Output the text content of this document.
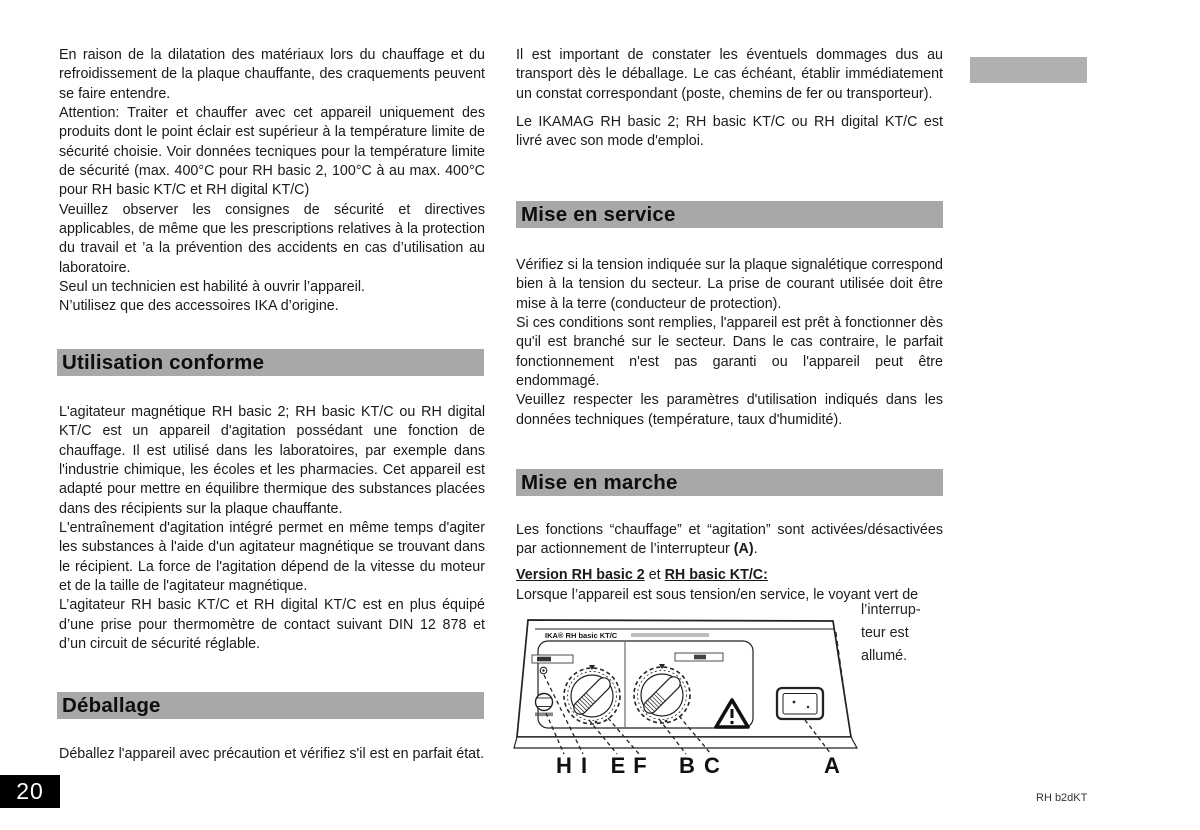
En raison de la dilatation des matériaux lors du chauffage et du refroidissement de la plaque chauffante, des craquements peuvent se faire entendre.

Attention: Traiter et chauffer avec cet appareil uniquement des produits dont le point éclair est supérieur à la température limite de sécurité choisie. Voir données tecniques pour la température limite de sécurité (max. 400°C pour RH basic 2, 100°C à au max. 400°C pour RH basic KT/C et RH digital KT/C)

Veuillez observer les consignes de sécurité et directives applicables, de même que les prescriptions relatives à la protection du travail et ’a la prévention des accidents en cas d’utilisation au laboratoire.

Seul un technicien est habilité à ouvrir l’appareil.

N’utilisez que des accessoires IKA d’origine.

Utilisation conforme

L'agitateur magnétique RH basic 2; RH basic KT/C ou RH digital KT/C est un appareil d'agitation possédant une fonction de chauffage. Il est utilisé dans les laboratoires, par exemple dans l'industrie chimique, les écoles et les pharmacies. Cet appareil est adapté pour mettre en équilibre thermique des substances placées dans des récipients sur la plaque chauffante.

L'entraînement d'agitation intégré permet en même temps d'agiter les substances à l'aide d'un agitateur magnétique se trouvant dans le récipient. La force de l'agitation dépend de la vitesse du moteur et de la taille de l'agitateur magnétique.

L’agitateur RH basic KT/C et RH digital KT/C est en plus équipé d’une prise pour thermomètre de contact suivant DIN 12 878 et d’un circuit de sécurité réglable.

Déballage
Déballez l'appareil avec précaution et vérifiez s'il est en parfait état.

Il est important de constater les éventuels dommages dus au transport dès le déballage. Le cas échéant, établir immédiatement un constat correspondant (poste, chemins de fer ou transporteur).

Le IKAMAG RH basic 2; RH basic KT/C ou RH digital KT/C est livré avec son mode d'emploi.

Mise en service

Vérifiez si la tension indiquée sur la plaque signalétique correspond bien à la tension du secteur. La prise de courant utilisée doit être mise à la terre (conducteur de protection).

Si ces conditions sont remplies, l'appareil est prêt à fonctionner dès qu'il est branché sur le secteur. Dans le cas contraire, le parfait fonctionnement n'est pas garanti ou l'appareil peut être endommagé.

Veuillez respecter les paramètres d'utilisation indiqués dans les données techniques (température, taux d'humidité).

Mise en marche

Les fonctions “chauffage” et “agitation” sont activées/désactivées par actionnement de l’interrupteur (A).

Version RH basic 2 et RH basic KT/C:
Lorsque l’appareil est sous tension/en service, le voyant vert de
IKA® RH basic KT/C
H I E F B C	A
l’interrup-
teur est
allumé.
20	RH b2dKT
